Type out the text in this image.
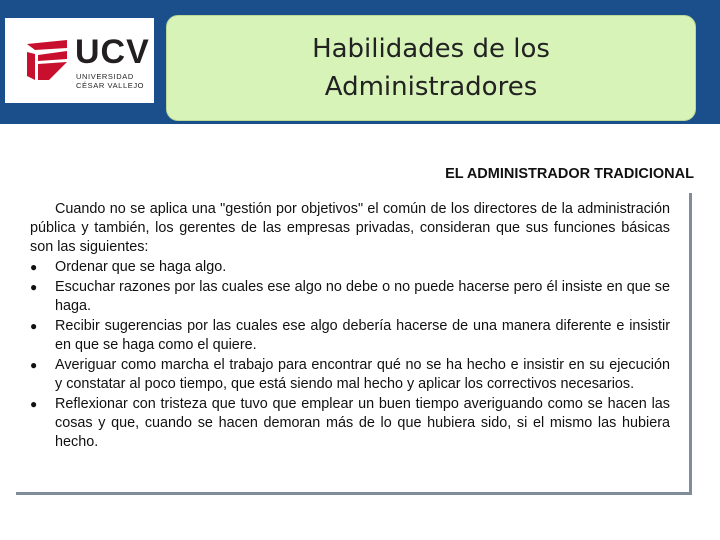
UCV
UNIVERSIDAD
CÉSAR VALLEJO
Habilidades de los Administradores
EL ADMINISTRADOR TRADICIONAL

Cuando no se aplica una "gestión por objetivos" el común de los directores de la administración pública y también, los gerentes de las empresas privadas, consideran que sus funciones básicas son las siguientes:

● Ordenar que se haga algo.
● Escuchar razones por las cuales ese algo no debe o no puede hacerse pero él insiste en que se haga.
● Recibir sugerencias por las cuales ese algo debería hacerse de una manera diferente e insistir en que se haga como el quiere.
● Averiguar como marcha el trabajo para encontrar qué no se ha hecho e insistir en su ejecución y constatar al poco tiempo, que está siendo mal hecho y aplicar los correctivos necesarios.
● Reflexionar con tristeza que tuvo que emplear un buen tiempo averiguando como se hacen las cosas y que, cuando se hacen demoran más de lo que hubiera sido, si el mismo las hubiera hecho.
